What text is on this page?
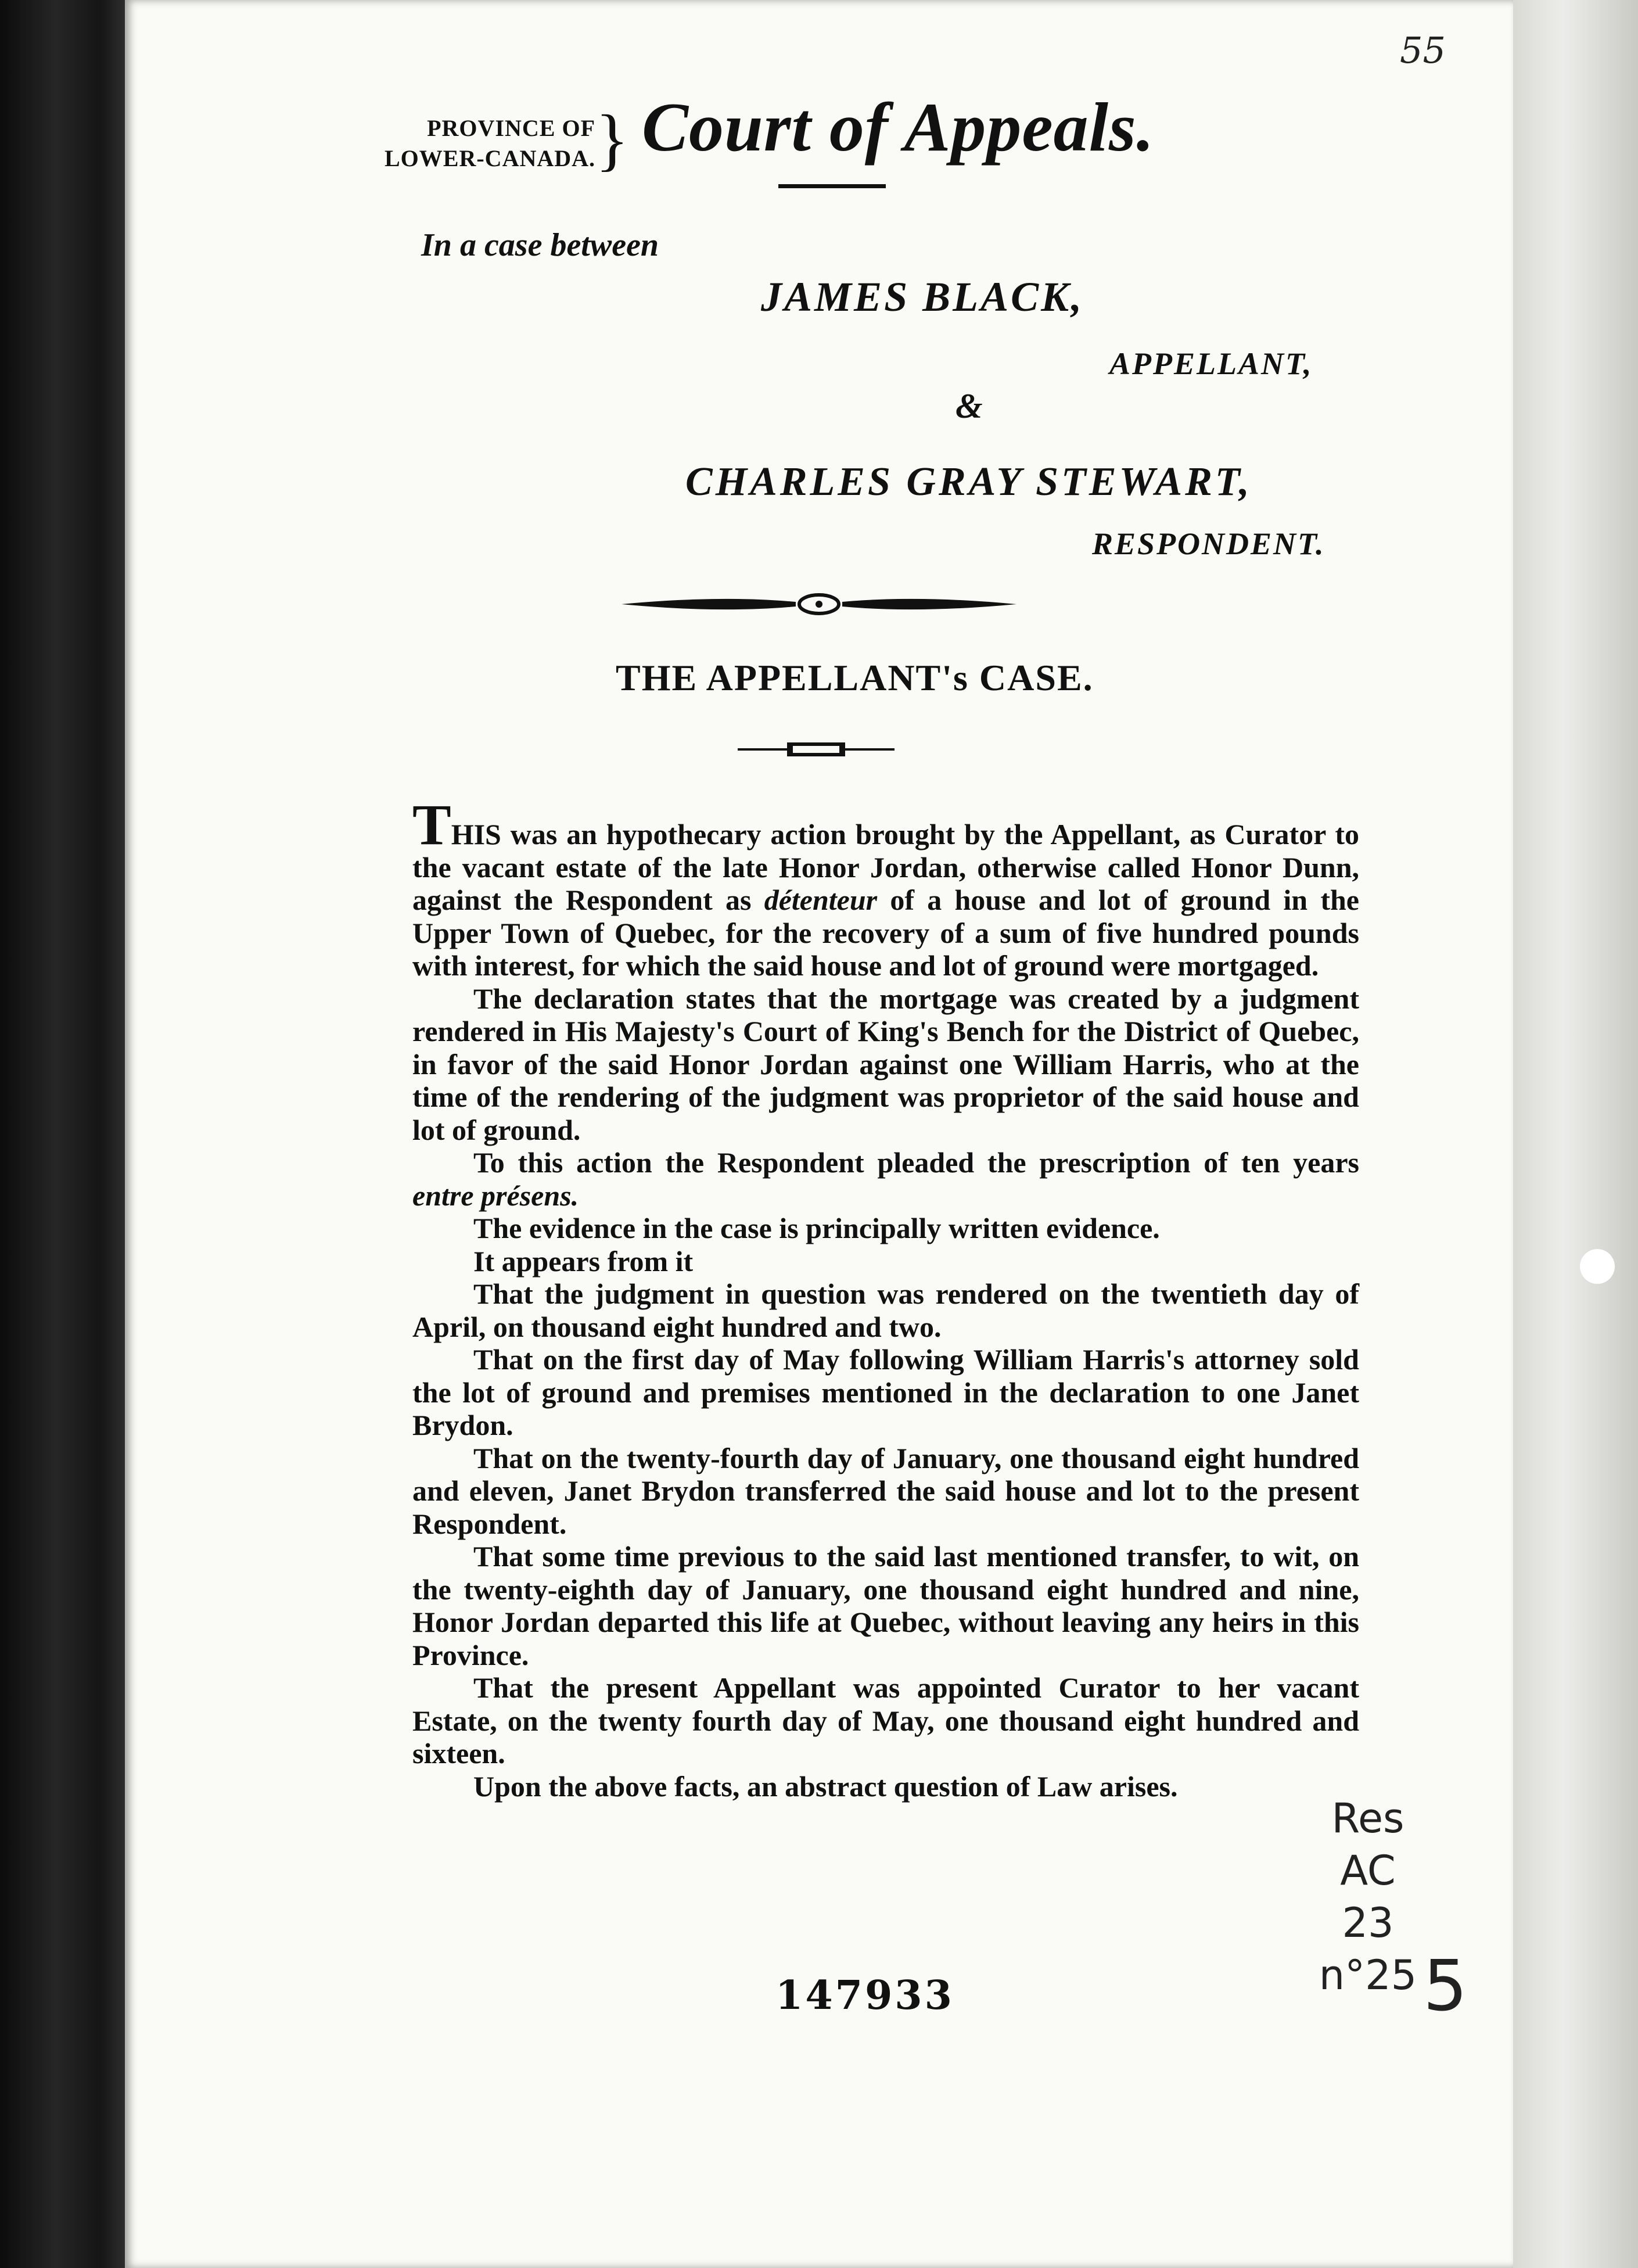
55
PROVINCE OF
LOWER-CANADA. } Court of Appeals.
In a case between
JAMES BLACK,
APPELLANT,
&
CHARLES GRAY STEWART,
RESPONDENT.
THE APPELLANT's CASE.

THIS was an hypothecary action brought by the Appellant, as Curator to the vacant estate of the late Honor Jordan, otherwise called Honor Dunn, against the Respondent as détenteur of a house and lot of ground in the Upper Town of Quebec, for the recovery of a sum of five hundred pounds with interest, for which the said house and lot of ground were mortgaged.

The declaration states that the mortgage was created by a judgment rendered in His Majesty's Court of King's Bench for the District of Quebec, in favor of the said Honor Jordan against one William Harris, who at the time of the rendering of the judgment was proprietor of the said house and lot of ground.

To this action the Respondent pleaded the prescription of ten years entre présens.

The evidence in the case is principally written evidence.

It appears from it

That the judgment in question was rendered on the twentieth day of April, on thousand eight hundred and two.

That on the first day of May following William Harris's attorney sold the lot of ground and premises mentioned in the declaration to one Janet Brydon.

That on the twenty-fourth day of January, one thousand eight hundred and eleven, Janet Brydon transferred the said house and lot to the present Respondent.

That some time previous to the said last mentioned transfer, to wit, on the twenty-eighth day of January, one thousand eight hundred and nine, Honor Jordan departed this life at Quebec, without leaving any heirs in this Province.

That the present Appellant was appointed Curator to her vacant Estate, on the twenty fourth day of May, one thousand eight hundred and sixteen.

Upon the above facts, an abstract question of Law arises.

Res
AC
23
n°25 5
147933
